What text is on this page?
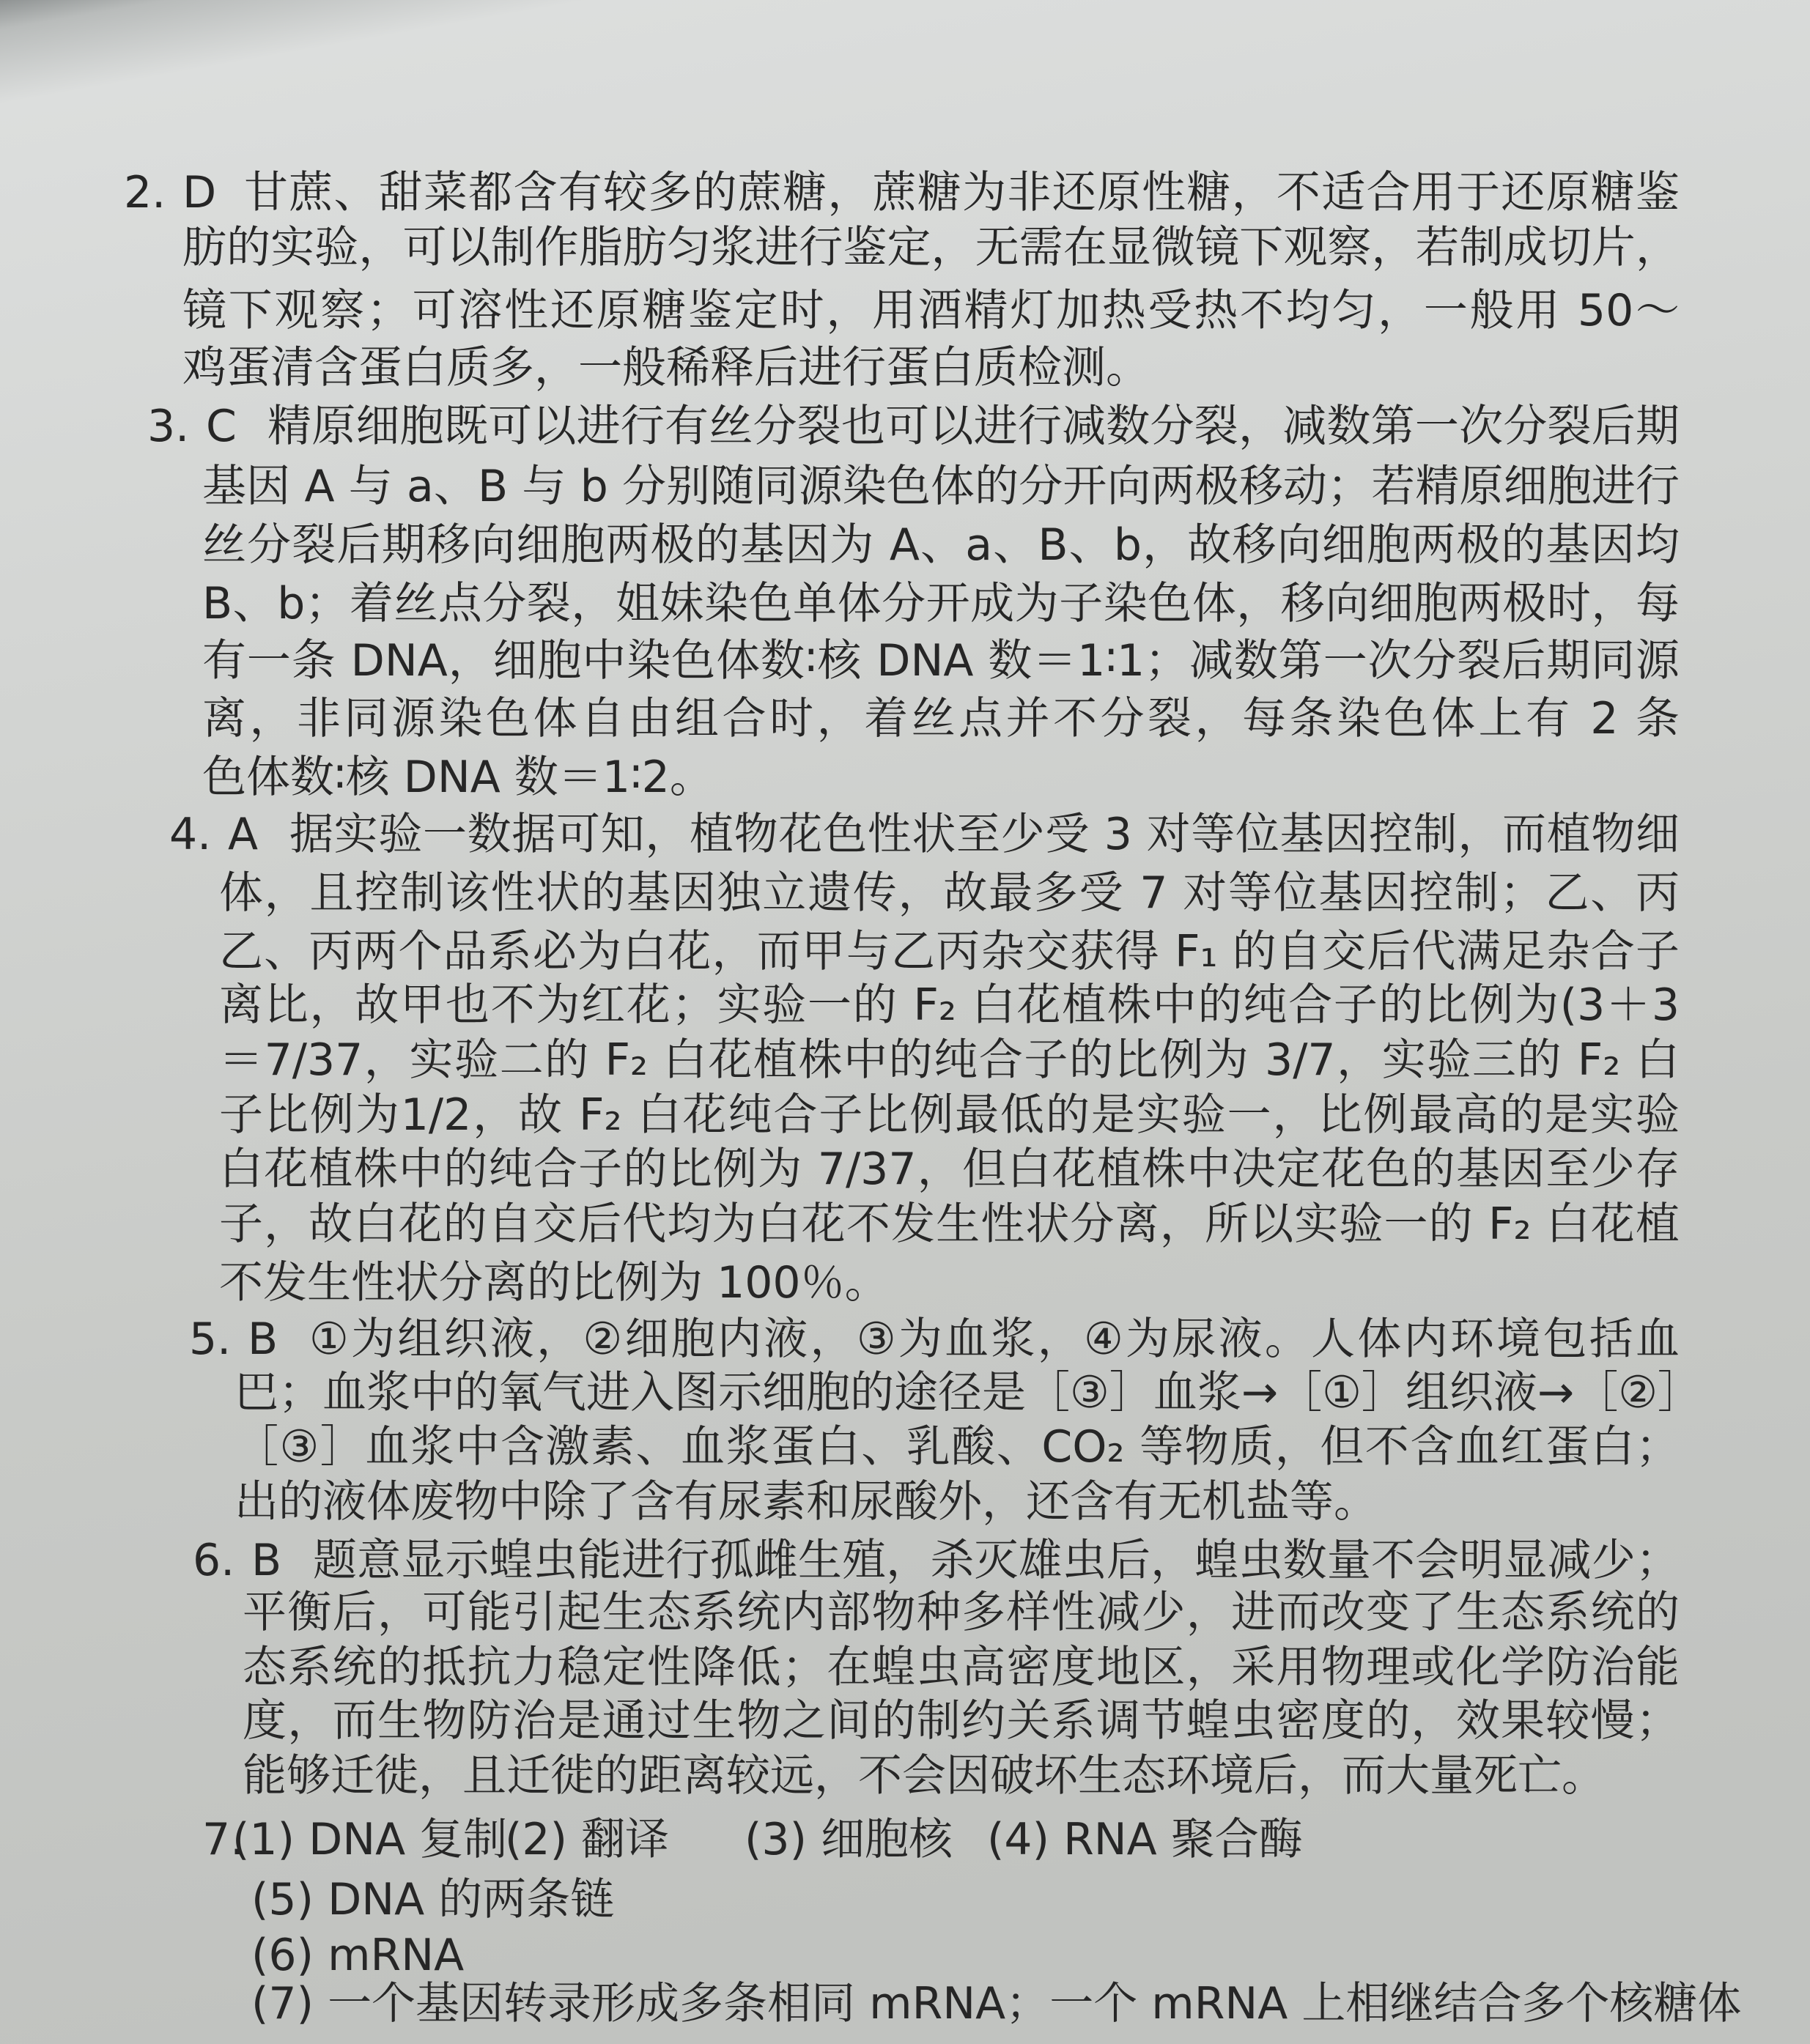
2. D 甘蔗、甜菜都含有较多的蔗糖，蔗糖为非还原性糖，不适合用于还原糖鉴
肪的实验，可以制作脂肪匀浆进行鉴定，无需在显微镜下观察，若制成切片，
镜下观察；可溶性还原糖鉴定时，用酒精灯加热受热不均匀，一般用 50～
鸡蛋清含蛋白质多，一般稀释后进行蛋白质检测。
3. C 精原细胞既可以进行有丝分裂也可以进行减数分裂，减数第一次分裂后期
基因 A 与 a、B 与 b 分别随同源染色体的分开向两极移动；若精原细胞进行
丝分裂后期移向细胞两极的基因为 A、a、B、b，故移向细胞两极的基因均
B、b；着丝点分裂，姐妹染色单体分开成为子染色体，移向细胞两极时，每
有一条 DNA，细胞中染色体数∶核 DNA 数＝1∶1；减数第一次分裂后期同源
离，非同源染色体自由组合时，着丝点并不分裂，每条染色体上有 2 条
色体数∶核 DNA 数＝1∶2。
4. A 据实验一数据可知，植物花色性状至少受 3 对等位基因控制，而植物细
体，且控制该性状的基因独立遗传，故最多受 7 对等位基因控制；乙、丙
乙、丙两个品系必为白花，而甲与乙丙杂交获得 F₁ 的自交后代满足杂合子
离比，故甲也不为红花；实验一的 F₂ 白花植株中的纯合子的比例为(3＋3
＝7/37，实验二的 F₂ 白花植株中的纯合子的比例为 3/7，实验三的 F₂ 白
子比例为1/2，故 F₂ 白花纯合子比例最低的是实验一，比例最高的是实验
白花植株中的纯合子的比例为 7/37，但白花植株中决定花色的基因至少存
子，故白花的自交后代均为白花不发生性状分离，所以实验一的 F₂ 白花植
不发生性状分离的比例为 100％。
5. B ①为组织液，②细胞内液，③为血浆，④为尿液。人体内环境包括血
巴；血浆中的氧气进入图示细胞的途径是［③］血浆→［①］组织液→［②］
［③］血浆中含激素、血浆蛋白、乳酸、CO₂ 等物质，但不含血红蛋白；
出的液体废物中除了含有尿素和尿酸外，还含有无机盐等。
6. B 题意显示蝗虫能进行孤雌生殖，杀灭雄虫后，蝗虫数量不会明显减少；
平衡后，可能引起生态系统内部物种多样性减少，进而改变了生态系统的
态系统的抵抗力稳定性降低；在蝗虫高密度地区，采用物理或化学防治能
度，而生物防治是通过生物之间的制约关系调节蝗虫密度的，效果较慢；
能够迁徙，且迁徙的距离较远，不会因破坏生态环境后，而大量死亡。
7.
(1) DNA 复制
(2) 翻译 (3) 细胞核 (4) RNA 聚合酶
(5) DNA 的两条链
(6) mRNA
(7) 一个基因转录形成多条相同 mRNA；一个 mRNA 上相继结合多个核糖体
